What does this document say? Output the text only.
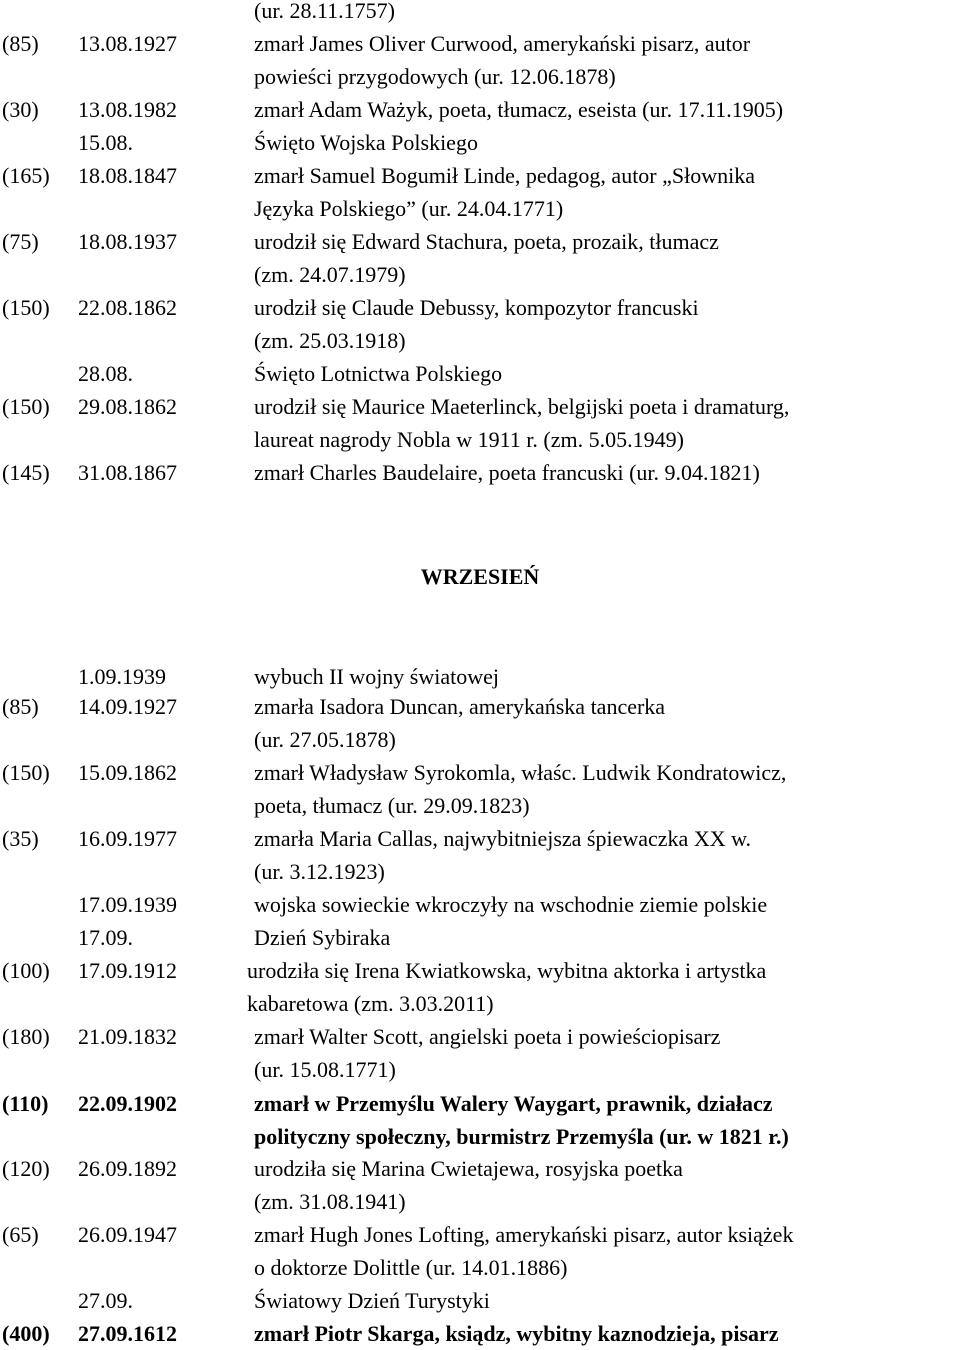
(ur. 28.11.1757)
(85) 13.08.1927	zmarł James Oliver Curwood, amerykański pisarz, autor
powieści przygodowych (ur. 12.06.1878)
(30) 13.08.1982	zmarł Adam Ważyk, poeta, tłumacz, eseista (ur. 17.11.1905)
15.08.	Święto Wojska Polskiego
(165) 18.08.1847	zmarł Samuel Bogumił Linde, pedagog, autor „Słownika
Języka Polskiego” (ur. 24.04.1771)
(75) 18.08.1937	urodził się Edward Stachura, poeta, prozaik, tłumacz
(zm. 24.07.1979)
(150) 22.08.1862	urodził się Claude Debussy, kompozytor francuski
(zm. 25.03.1918)
28.08.	Święto Lotnictwa Polskiego
(150) 29.08.1862	urodził się Maurice Maeterlinck, belgijski poeta i dramaturg,
laureat nagrody Nobla w 1911 r. (zm. 5.05.1949)
(145) 31.08.1867	zmarł Charles Baudelaire, poeta francuski (ur. 9.04.1821)
1.09.1939	wybuch II wojny światowej
(85) 14.09.1927	zmarła Isadora Duncan, amerykańska tancerka
(ur. 27.05.1878)
(150) 15.09.1862	zmarł Władysław Syrokomla, właśc. Ludwik Kondratowicz,
poeta, tłumacz (ur. 29.09.1823)
(35) 16.09.1977	zmarła Maria Callas, najwybitniejsza śpiewaczka XX w.
(ur. 3.12.1923)
17.09.1939	wojska sowieckie wkroczyły na wschodnie ziemie polskie
17.09.	Dzień Sybiraka
(100) 17.09.1912	urodziła się Irena Kwiatkowska, wybitna aktorka i artystka
kabaretowa (zm. 3.03.2011)
(180) 21.09.1832	zmarł Walter Scott, angielski poeta i powieściopisarz
(ur. 15.08.1771)
(110) 22.09.1902	zmarł w Przemyślu Walery Waygart, prawnik, działacz
polityczny społeczny, burmistrz Przemyśla (ur. w 1821 r.)
(120) 26.09.1892	urodziła się Marina Cwietajewa, rosyjska poetka
(zm. 31.08.1941)
(65) 26.09.1947	zmarł Hugh Jones Lofting, amerykański pisarz, autor książek
o doktorze Dolittle (ur. 14.01.1886)
27.09.	Światowy Dzień Turystyki
(400) 27.09.1612	zmarł Piotr Skarga, ksiądz, wybitny kaznodzieja, pisarz
WRZESIEŃ
